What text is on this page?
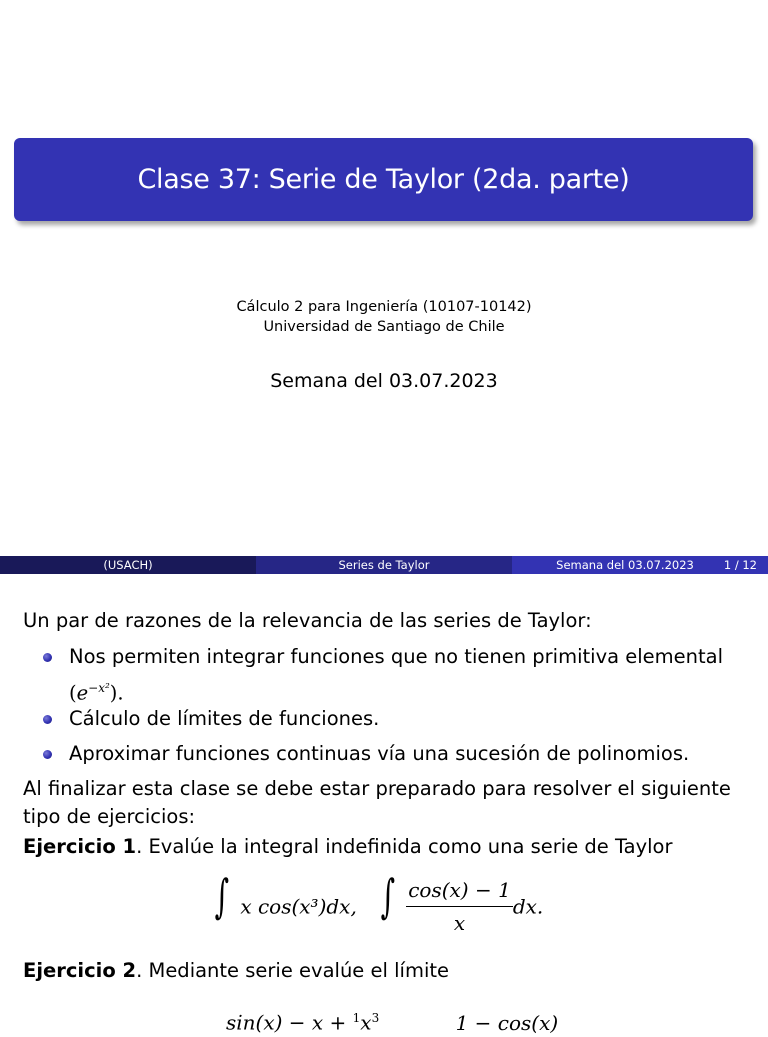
Clase 37: Serie de Taylor (2da. parte)
Cálculo 2 para Ingeniería (10107-10142)
Universidad de Santiago de Chile
Semana del 03.07.2023
(USACH)	Series de Taylor	Semana del 03.07.2023	1 / 12
Un par de razones de la relevancia de las series de Taylor:
Nos permiten integrar funciones que no tienen primitiva elemental
$(e^{-x^2})$.
Cálculo de límites de funciones.
Aproximar funciones continuas vía una sucesión de polinomios.
Al finalizar esta clase se debe estar preparado para resolver el siguiente
tipo de ejercicios:
Ejercicio 1. Evalúe la integral indefinida como una serie de Taylor
∫ x cos(x³)dx, ∫ $\frac{\cos(x) - 1}{x}$ dx.
Ejercicio 2. Mediante serie evalúe el límite
$\sin(x) - x + ^1x^3$	1 − cos(x)
